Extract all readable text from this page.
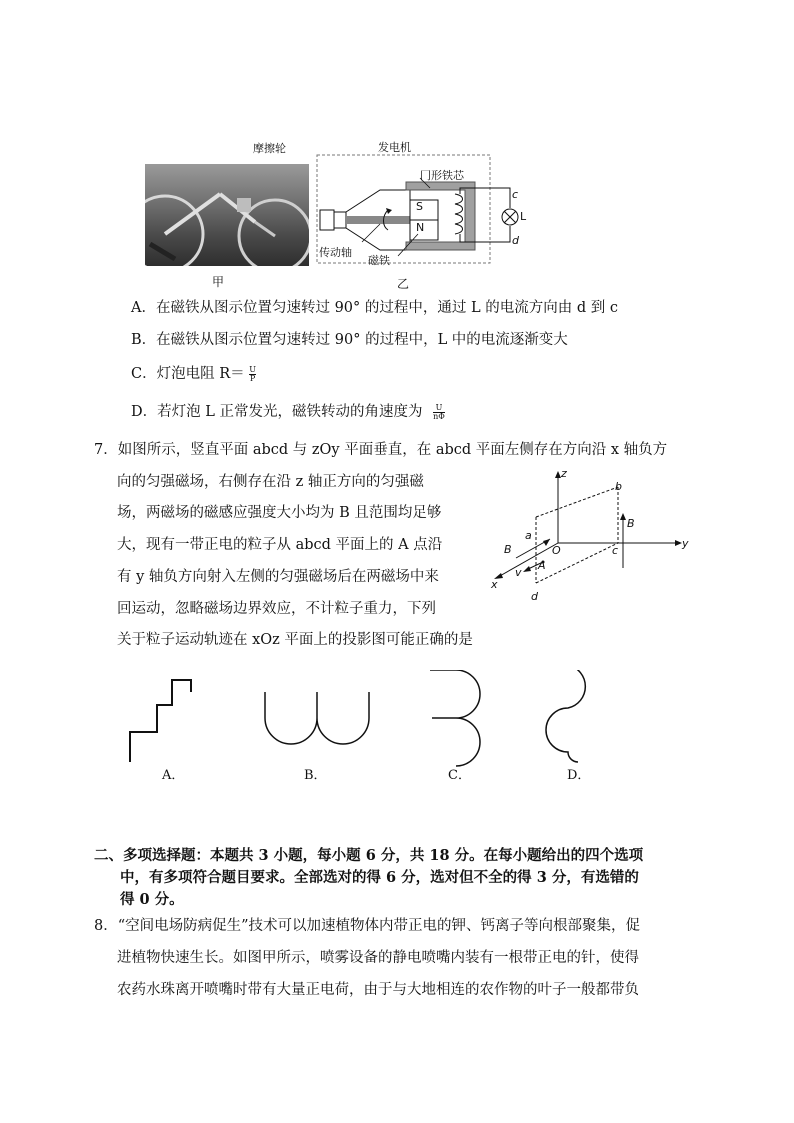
摩擦轮	发电机
冂形铁芯
传动轴
磁铁
S
N
c
d
L
甲	乙
A．在磁铁从图示位置匀速转过 90° 的过程中，通过 L 的电流方向由 d 到 c
B．在磁铁从图示位置匀速转过 90° 的过程中，L 中的电流逐渐变大
C．灯泡电阻 $R= \frac{U}{P}$
D．若灯泡 L 正常发光，磁铁转动的角速度为 $\frac{U}{n\Phi}$
7．如图所示，竖直平面 abcd 与 zOy 平面垂直，在 abcd 平面左侧存在方向沿 x 轴负方
向的匀强磁场，右侧存在沿 z 轴正方向的匀强磁
场，两磁场的磁感应强度大小均为 B 且范围均足够
大，现有一带正电的粒子从 abcd 平面上的 A 点沿
有 y 轴负方向射入左侧的匀强磁场后在两磁场中来
回运动，忽略磁场边界效应，不计粒子重力，下列
关于粒子运动轨迹在 xOz 平面上的投影图可能正确的是
z
y
x
O
a
b
c
d
A
B
B
v
A．	B．	C．	D．
二、多项选择题：本题共 3 小题，每小题 6 分，共 18 分。在每小题给出的四个选项
中，有多项符合题目要求。全部选对的得 6 分，选对但不全的得 3 分，有选错的
得 0 分。
8．“空间电场防病促生”技术可以加速植物体内带正电的钾、钙离子等向根部聚集，促
进植物快速生长。如图甲所示，喷雾设备的静电喷嘴内装有一根带正电的针，使得
农药水珠离开喷嘴时带有大量正电荷，由于与大地相连的农作物的叶子一般都带负
